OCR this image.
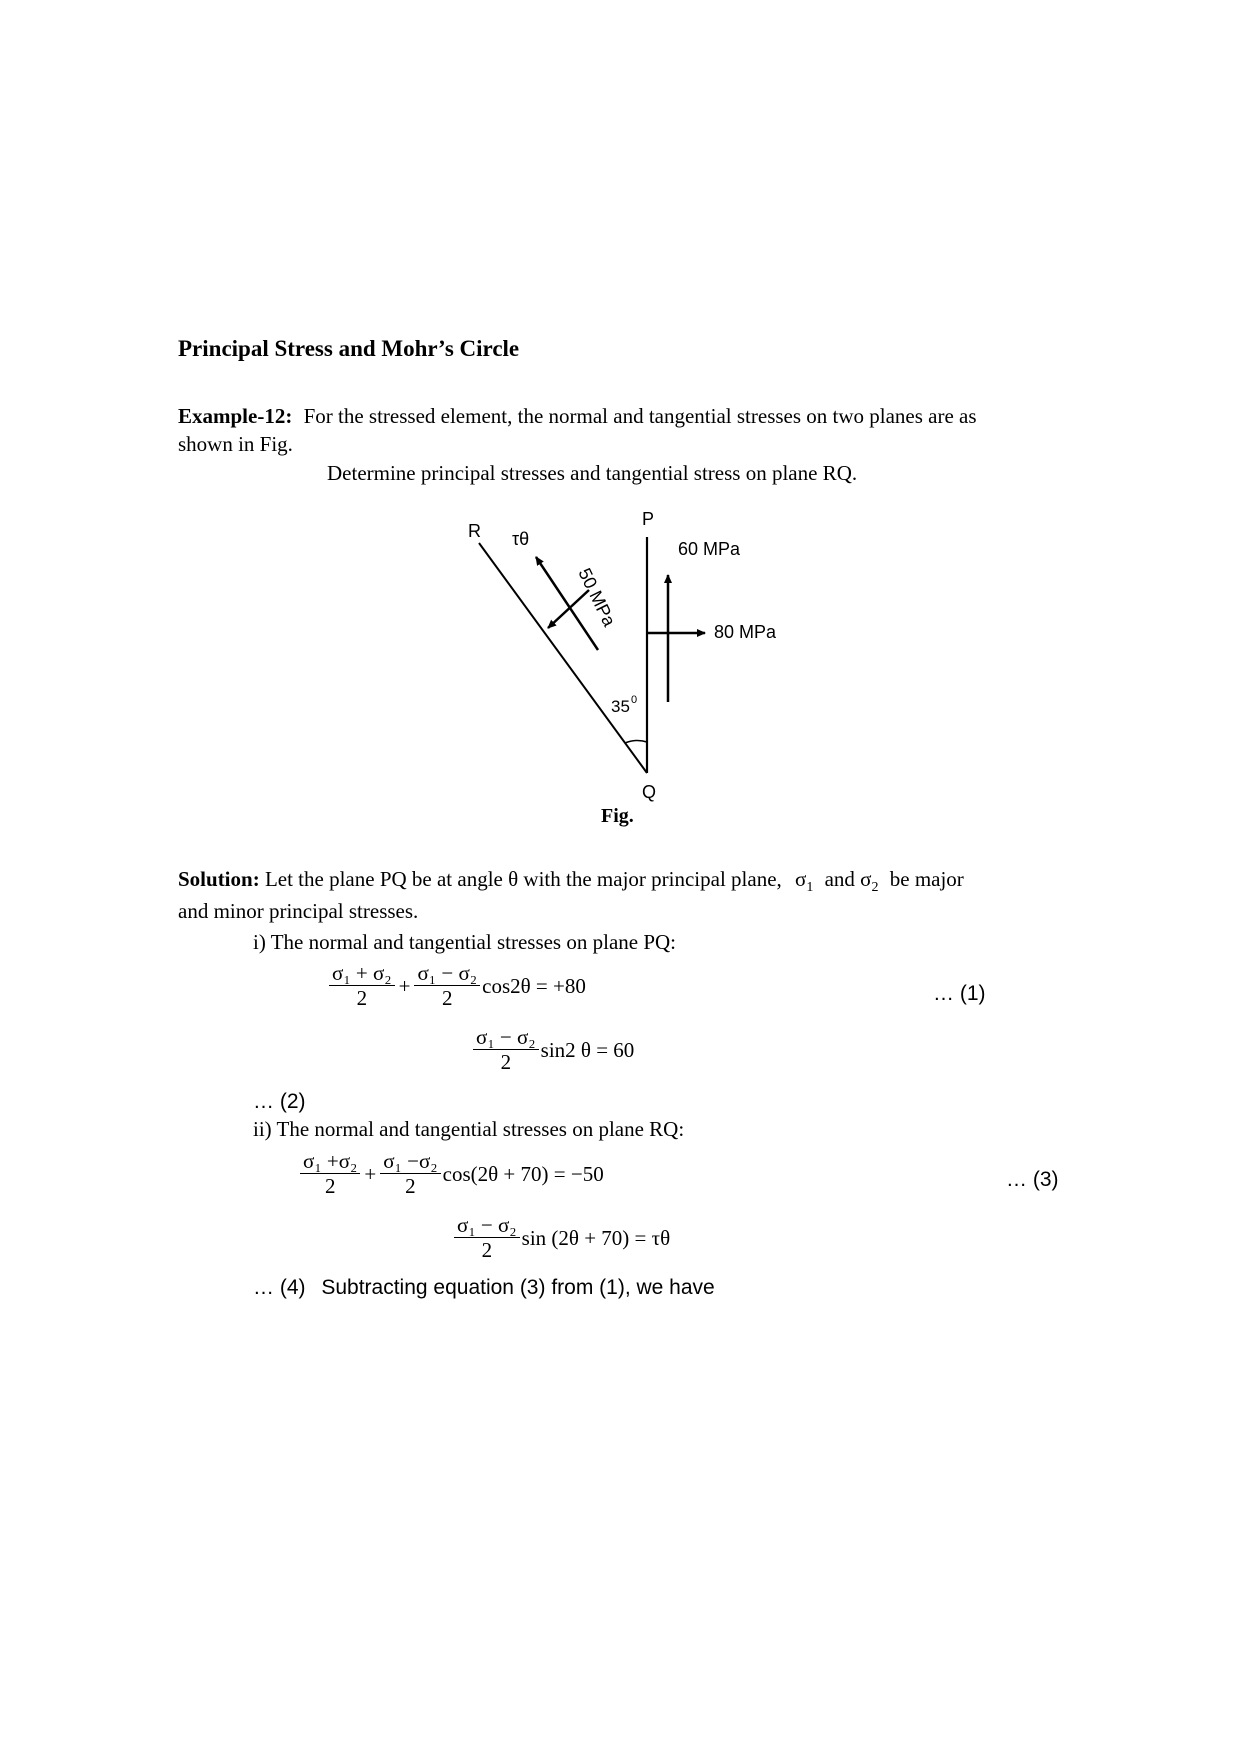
Principal Stress and Mohr’s Circle
Example-12: For the stressed element, the normal and tangential stresses on two planes are as
shown in Fig.
Determine principal stresses and tangential stress on plane RQ.
R
P
Q
τθ
50 MPa
60 MPa
80 MPa
35 0
Fig.
Solution: Let the plane PQ be at angle θ with the major principal plane, $\sigma_1$ and $\sigma_2$ be major
and minor principal stresses.
i) The normal and tangential stresses on plane PQ:
$\frac{\text{σ₁ + σ₂}}{2} + \frac{\text{σ₁ − σ₂}}{2} \cos 2\theta = +80$	… (1)
$\frac{\text{σ₁ − σ₂}}{2} \sin 2$ θ = 60
… (2)
ii) The normal and tangential stresses on plane RQ:
$\frac{\text{σ₁ +σ₂}}{2} + \frac{\text{σ₁ −σ₂}}{2} \cos(2\theta + 70) = -50$	… (3)
$\frac{\text{σ₁ − σ₂}}{2}$ sin (2θ + 70) = τθ
… (4) Subtracting equation (3) from (1), we have
